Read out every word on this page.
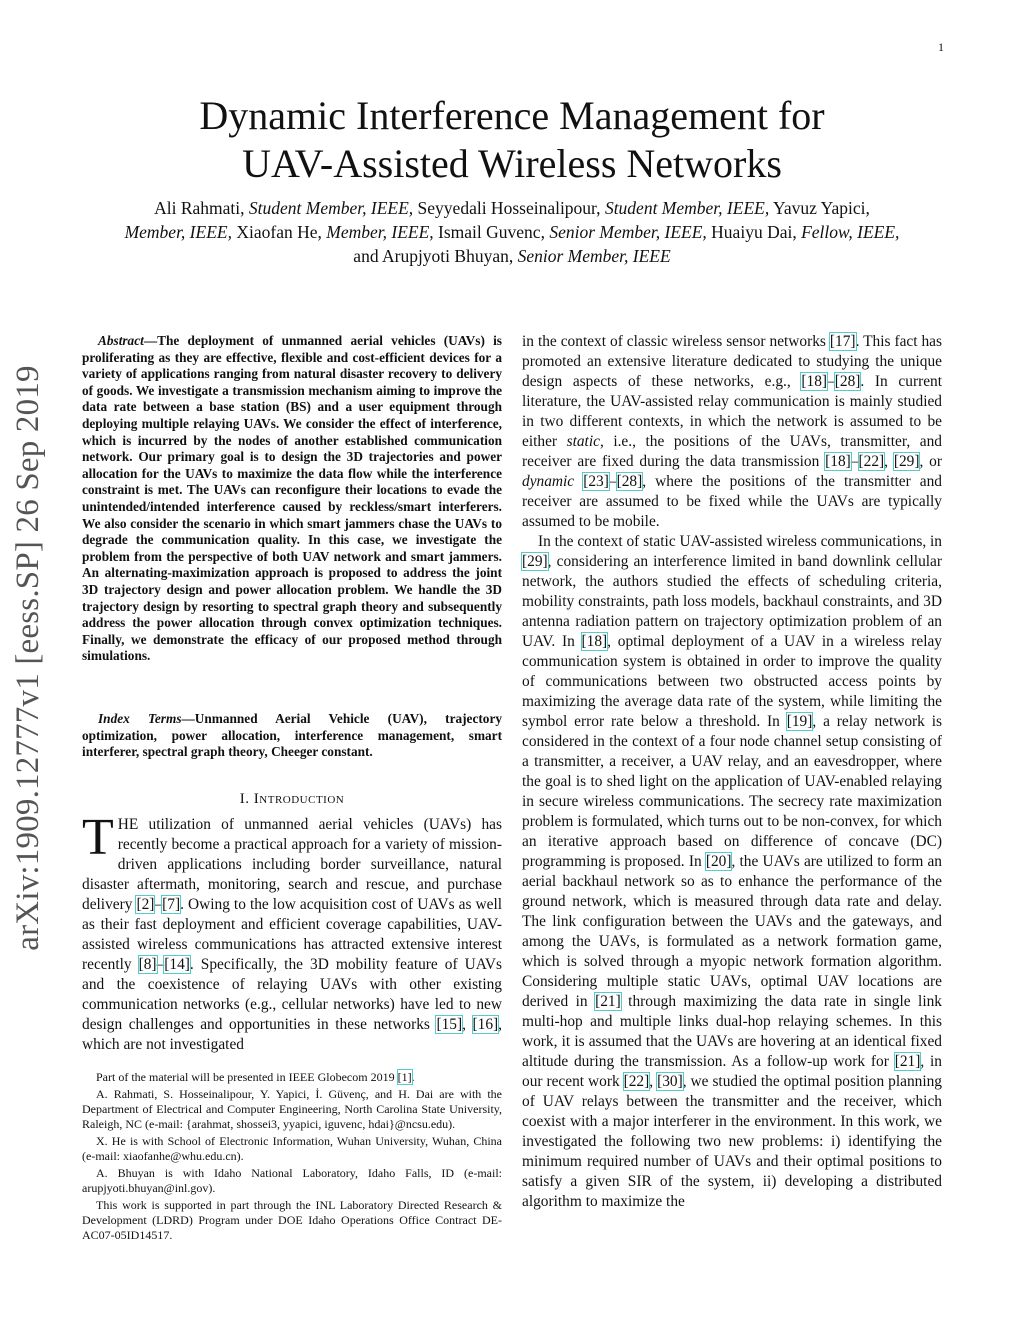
1
Dynamic Interference Management for
UAV-Assisted Wireless Networks
Ali Rahmati, Student Member, IEEE, Seyyedali Hosseinalipour, Student Member, IEEE, Yavuz Yapici,
Member, IEEE, Xiaofan He, Member, IEEE, Ismail Guvenc, Senior Member, IEEE, Huaiyu Dai, Fellow, IEEE,
and Arupjyoti Bhuyan, Senior Member, IEEE
arXiv:1909.12777v1 [eess.SP] 26 Sep 2019
Abstract—The deployment of unmanned aerial vehicles (UAVs) is proliferating as they are effective, flexible and cost-efficient devices for a variety of applications ranging from natural disaster recovery to delivery of goods. We investigate a transmission mechanism aiming to improve the data rate between a base station (BS) and a user equipment through deploying multiple relaying UAVs. We consider the effect of interference, which is incurred by the nodes of another established communication network. Our primary goal is to design the 3D trajectories and power allocation for the UAVs to maximize the data flow while the interference constraint is met. The UAVs can reconfigure their locations to evade the unintended/intended interference caused by reckless/smart interferers. We also consider the scenario in which smart jammers chase the UAVs to degrade the communication quality. In this case, we investigate the problem from the perspective of both UAV network and smart jammers. An alternating-maximization approach is proposed to address the joint 3D trajectory design and power allocation problem. We handle the 3D trajectory design by resorting to spectral graph theory and subsequently address the power allocation through convex optimization techniques. Finally, we demonstrate the efficacy of our proposed method through simulations.
Index Terms—Unmanned Aerial Vehicle (UAV), trajectory optimization, power allocation, interference management, smart interferer, spectral graph theory, Cheeger constant.
I. Introduction
THE utilization of unmanned aerial vehicles (UAVs) has recently become a practical approach for a variety of mission-driven applications including border surveillance, natural disaster aftermath, monitoring, search and rescue, and purchase delivery [2]–[7]. Owing to the low acquisition cost of UAVs as well as their fast deployment and efficient coverage capabilities, UAV-assisted wireless communications has attracted extensive interest recently [8]–[14]. Specifically, the 3D mobility feature of UAVs and the coexistence of relaying UAVs with other existing communication networks (e.g., cellular networks) have led to new design challenges and opportunities in these networks [15], [16], which are not investigated

Part of the material will be presented in IEEE Globecom 2019 [1].

A. Rahmati, S. Hosseinalipour, Y. Yapici, İ. Güvenç, and H. Dai are with the Department of Electrical and Computer Engineering, North Carolina State University, Raleigh, NC (e-mail: {arahmat, shossei3, yyapici, iguvenc, hdai}@ncsu.edu).

X. He is with School of Electronic Information, Wuhan University, Wuhan, China (e-mail: xiaofanhe@whu.edu.cn).

A. Bhuyan is with Idaho National Laboratory, Idaho Falls, ID (e-mail: arupjyoti.bhuyan@inl.gov).

This work is supported in part through the INL Laboratory Directed Research & Development (LDRD) Program under DOE Idaho Operations Office Contract DE-AC07-05ID14517.

in the context of classic wireless sensor networks [17]. This fact has promoted an extensive literature dedicated to studying the unique design aspects of these networks, e.g., [18]–[28]. In current literature, the UAV-assisted relay communication is mainly studied in two different contexts, in which the network is assumed to be either static, i.e., the positions of the UAVs, transmitter, and receiver are fixed during the data transmission [18]–[22], [29], or dynamic [23]–[28], where the positions of the transmitter and receiver are assumed to be fixed while the UAVs are typically assumed to be mobile.

In the context of static UAV-assisted wireless communications, in [29], considering an interference limited in band downlink cellular network, the authors studied the effects of scheduling criteria, mobility constraints, path loss models, backhaul constraints, and 3D antenna radiation pattern on trajectory optimization problem of an UAV. In [18], optimal deployment of a UAV in a wireless relay communication system is obtained in order to improve the quality of communications between two obstructed access points by maximizing the average data rate of the system, while limiting the symbol error rate below a threshold. In [19], a relay network is considered in the context of a four node channel setup consisting of a transmitter, a receiver, a UAV relay, and an eavesdropper, where the goal is to shed light on the application of UAV-enabled relaying in secure wireless communications. The secrecy rate maximization problem is formulated, which turns out to be non-convex, for which an iterative approach based on difference of concave (DC) programming is proposed. In [20], the UAVs are utilized to form an aerial backhaul network so as to enhance the performance of the ground network, which is measured through data rate and delay. The link configuration between the UAVs and the gateways, and among the UAVs, is formulated as a network formation game, which is solved through a myopic network formation algorithm. Considering multiple static UAVs, optimal UAV locations are derived in [21] through maximizing the data rate in single link multi-hop and multiple links dual-hop relaying schemes. In this work, it is assumed that the UAVs are hovering at an identical fixed altitude during the transmission. As a follow-up work for [21], in our recent work [22], [30], we studied the optimal position planning of UAV relays between the transmitter and the receiver, which coexist with a major interferer in the environment. In this work, we investigated the following two new problems: i) identifying the minimum required number of UAVs and their optimal positions to satisfy a given SIR of the system, ii) developing a distributed algorithm to maximize the
